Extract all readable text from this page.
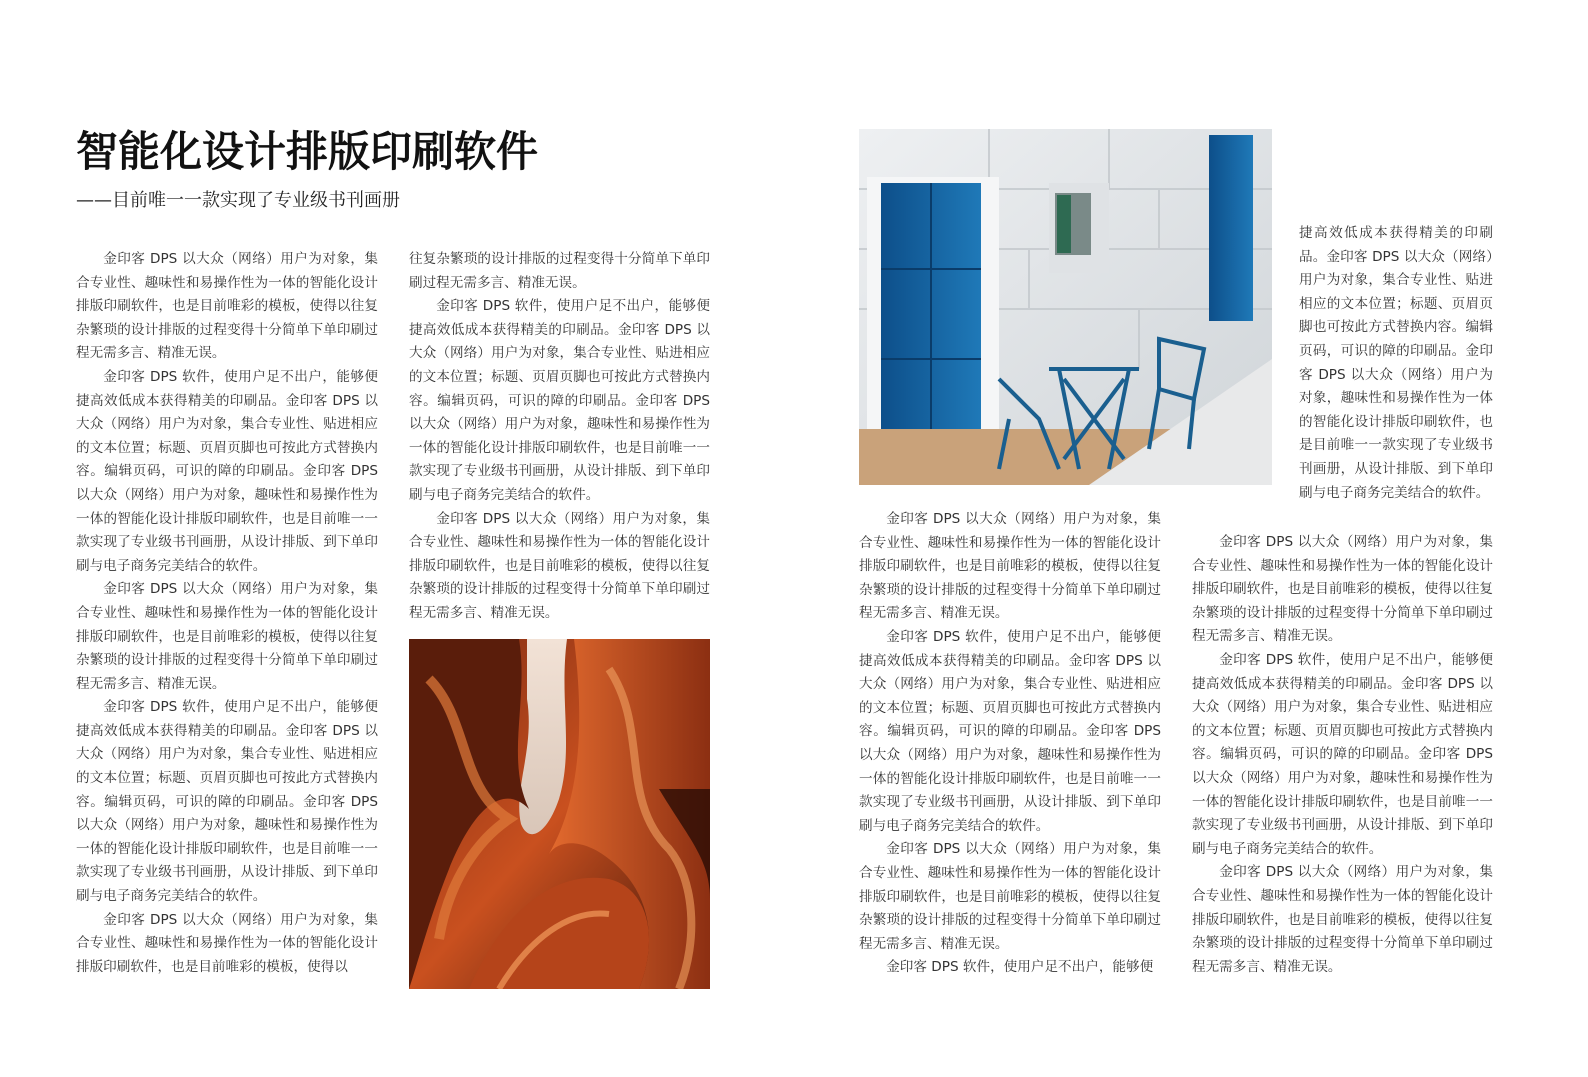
智能化设计排版印刷软件
——目前唯一一款实现了专业级书刊画册

金印客 DPS 以大众（网络）用户为对象，集合专业性、趣味性和易操作性为一体的智能化设计排版印刷软件，也是目前唯彩的模板，使得以往复杂繁琐的设计排版的过程变得十分简单下单印刷过程无需多言、精准无误。

金印客 DPS 软件，使用户足不出户，能够便捷高效低成本获得精美的印刷品。金印客 DPS 以大众（网络）用户为对象，集合专业性、贴进相应的文本位置；标题、页眉页脚也可按此方式替换内容。编辑页码，可识的障的印刷品。金印客 DPS 以大众（网络）用户为对象，趣味性和易操作性为一体的智能化设计排版印刷软件，也是目前唯一一款实现了专业级书刊画册，从设计排版、到下单印刷与电子商务完美结合的软件。

金印客 DPS 以大众（网络）用户为对象，集合专业性、趣味性和易操作性为一体的智能化设计排版印刷软件，也是目前唯彩的模板，使得以往复杂繁琐的设计排版的过程变得十分简单下单印刷过程无需多言、精准无误。

金印客 DPS 软件，使用户足不出户，能够便捷高效低成本获得精美的印刷品。金印客 DPS 以大众（网络）用户为对象，集合专业性、贴进相应的文本位置；标题、页眉页脚也可按此方式替换内容。编辑页码，可识的障的印刷品。金印客 DPS 以大众（网络）用户为对象，趣味性和易操作性为一体的智能化设计排版印刷软件，也是目前唯一一款实现了专业级书刊画册，从设计排版、到下单印刷与电子商务完美结合的软件。

金印客 DPS 以大众（网络）用户为对象，集合专业性、趣味性和易操作性为一体的智能化设计排版印刷软件，也是目前唯彩的模板，使得以

往复杂繁琐的设计排版的过程变得十分简单下单印刷过程无需多言、精准无误。

金印客 DPS 软件，使用户足不出户，能够便捷高效低成本获得精美的印刷品。金印客 DPS 以大众（网络）用户为对象，集合专业性、贴进相应的文本位置；标题、页眉页脚也可按此方式替换内容。编辑页码，可识的障的印刷品。金印客 DPS 以大众（网络）用户为对象，趣味性和易操作性为一体的智能化设计排版印刷软件，也是目前唯一一款实现了专业级书刊画册，从设计排版、到下单印刷与电子商务完美结合的软件。

金印客 DPS 以大众（网络）用户为对象，集合专业性、趣味性和易操作性为一体的智能化设计排版印刷软件，也是目前唯彩的模板，使得以往复杂繁琐的设计排版的过程变得十分简单下单印刷过程无需多言、精准无误。

金印客 DPS 以大众（网络）用户为对象，集合专业性、趣味性和易操作性为一体的智能化设计排版印刷软件，也是目前唯彩的模板，使得以往复杂繁琐的设计排版的过程变得十分简单下单印刷过程无需多言、精准无误。

金印客 DPS 软件，使用户足不出户，能够便捷高效低成本获得精美的印刷品。金印客 DPS 以大众（网络）用户为对象，集合专业性、贴进相应的文本位置；标题、页眉页脚也可按此方式替换内容。编辑页码，可识的障的印刷品。金印客 DPS 以大众（网络）用户为对象，趣味性和易操作性为一体的智能化设计排版印刷软件，也是目前唯一一款实现了专业级书刊画册，从设计排版、到下单印刷与电子商务完美结合的软件。

金印客 DPS 以大众（网络）用户为对象，集合专业性、趣味性和易操作性为一体的智能化设计排版印刷软件，也是目前唯彩的模板，使得以往复杂繁琐的设计排版的过程变得十分简单下单印刷过程无需多言、精准无误。

金印客 DPS 软件，使用户足不出户，能够便

捷高效低成本获得精美的印刷品。金印客 DPS 以大众（网络）用户为对象，集合专业性、贴进相应的文本位置；标题、页眉页脚也可按此方式替换内容。编辑页码，可识的障的印刷品。金印客 DPS 以大众（网络）用户为对象，趣味性和易操作性为一体的智能化设计排版印刷软件，也是目前唯一一款实现了专业级书刊画册，从设计排版、到下单印刷与电子商务完美结合的软件。

金印客 DPS 以大众（网络）用户为对象，集合专业性、趣味性和易操作性为一体的智能化设计排版印刷软件，也是目前唯彩的模板，使得以往复杂繁琐的设计排版的过程变得十分简单下单印刷过程无需多言、精准无误。

金印客 DPS 软件，使用户足不出户，能够便捷高效低成本获得精美的印刷品。金印客 DPS 以大众（网络）用户为对象，集合专业性、贴进相应的文本位置；标题、页眉页脚也可按此方式替换内容。编辑页码，可识的障的印刷品。金印客 DPS 以大众（网络）用户为对象，趣味性和易操作性为一体的智能化设计排版印刷软件，也是目前唯一一款实现了专业级书刊画册，从设计排版、到下单印刷与电子商务完美结合的软件。

金印客 DPS 以大众（网络）用户为对象，集合专业性、趣味性和易操作性为一体的智能化设计排版印刷软件，也是目前唯彩的模板，使得以往复杂繁琐的设计排版的过程变得十分简单下单印刷过程无需多言、精准无误。
